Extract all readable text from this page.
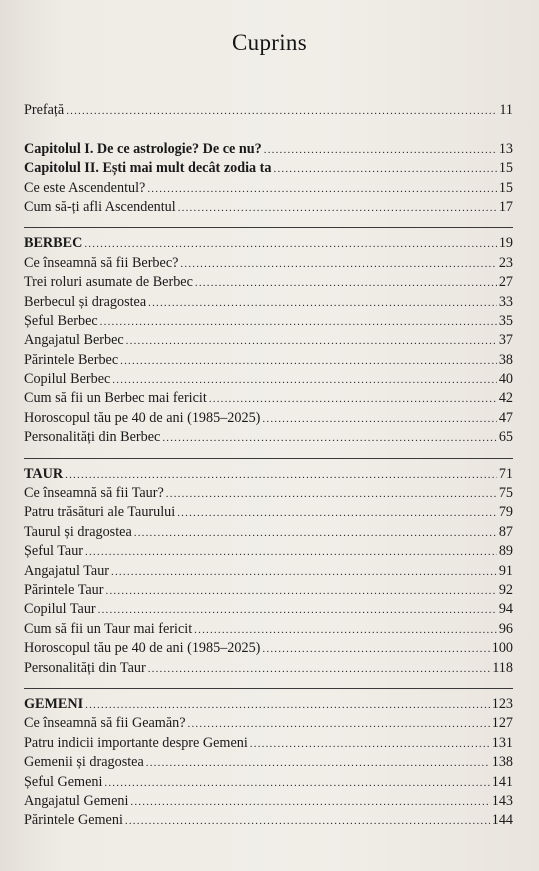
Cuprins
Prefață .....	11
Capitolul I. De ce astrologie? De ce nu? .....	13
Capitolul II. Ești mai mult decât zodia ta .....	15
Ce este Ascendentul? .....	15
Cum să-ți afli Ascendentul .....	17
BERBEC .....	19
Ce înseamnă să fii Berbec? .....	23
Trei roluri asumate de Berbec .....	27
Berbecul și dragostea .....	33
Șeful Berbec .....	35
Angajatul Berbec .....	37
Părintele Berbec .....	38
Copilul Berbec .....	40
Cum să fii un Berbec mai fericit .....	42
Horoscopul tău pe 40 de ani (1985–2025) .....	47
Personalități din Berbec .....	65
TAUR .....	71
Ce înseamnă să fii Taur? .....	75
Patru trăsături ale Taurului .....	79
Taurul și dragostea .....	87
Șeful Taur .....	89
Angajatul Taur .....	91
Părintele Taur .....	92
Copilul Taur .....	94
Cum să fii un Taur mai fericit .....	96
Horoscopul tău pe 40 de ani (1985–2025) .....	100
Personalități din Taur .....	118
GEMENI .....	123
Ce înseamnă să fii Geamăn? .....	127
Patru indicii importante despre Gemeni .....	131
Gemenii și dragostea .....	138
Șeful Gemeni .....	141
Angajatul Gemeni .....	143
Părintele Gemeni .....	144
